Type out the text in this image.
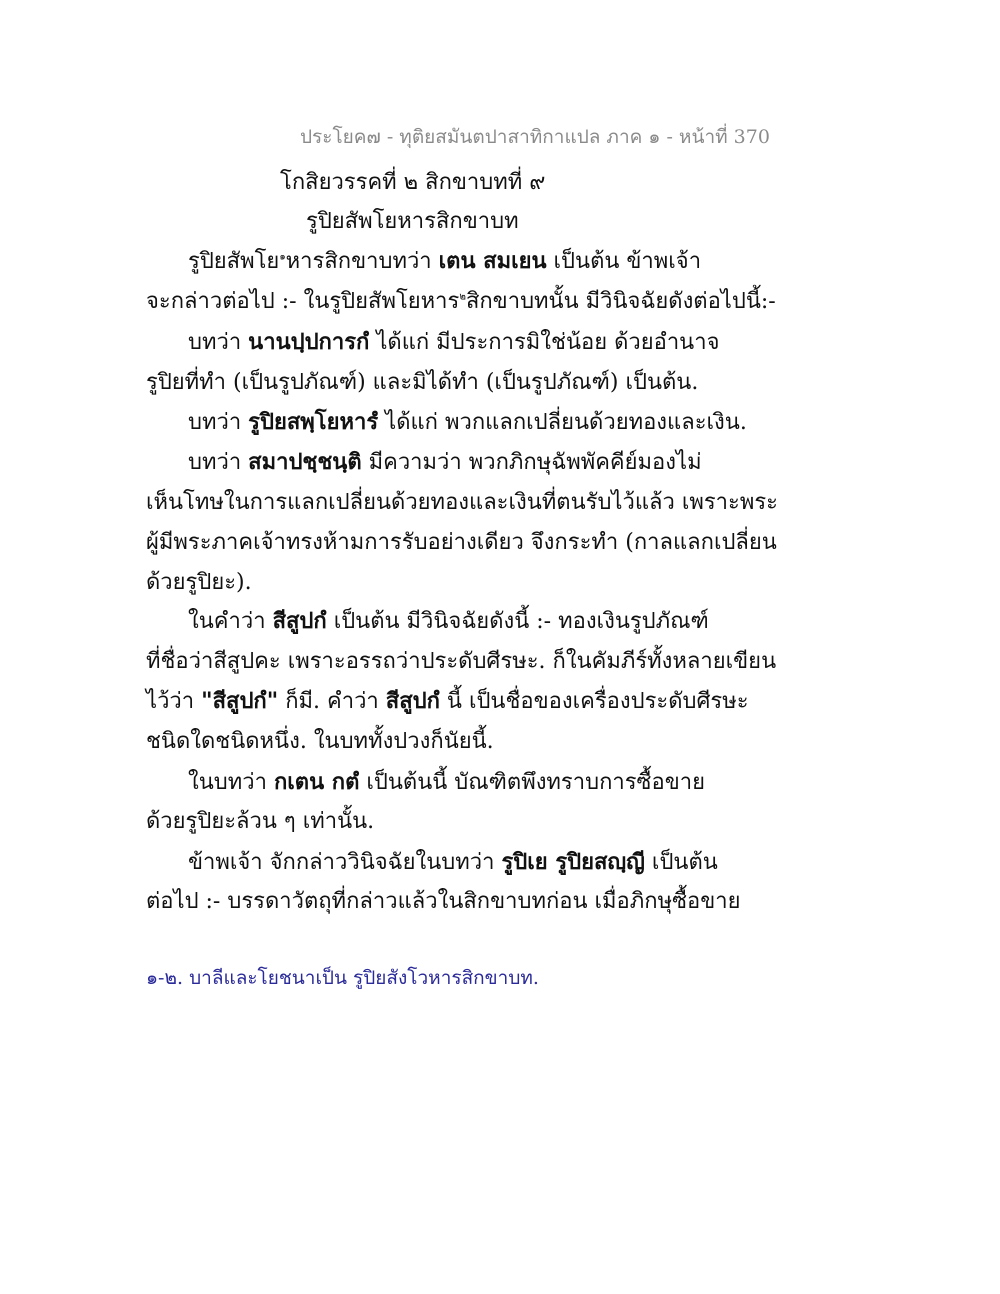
ประโยค๗ - ทุติยสมันตปาสาทิกาแปล ภาค ๑ - หน้าที่ 370
โกสิยวรรคที่ ๒ สิกขาบทที่ ๙
รูปิยสัพโยหารสิกขาบท
รูปิยสัพโย$^๑$หารสิกขาบทว่า เตน สมเยน เป็นต้น ข้าพเจ้า
จะกล่าวต่อไป :- ในรูปิยสัพโยหาร$^๒$สิกขาบทนั้น มีวินิจฉัยดังต่อไปนี้:-
บทว่า นานปฺปการกํ ได้แก่ มีประการมิใช่น้อย ด้วยอำนาจ
รูปิยที่ทำ (เป็นรูปภัณฑ์) และมิได้ทำ (เป็นรูปภัณฑ์) เป็นต้น.
บทว่า รูปิยสพฺโยหารํ ได้แก่ พวกแลกเปลี่ยนด้วยทองและเงิน.
บทว่า สมาปชฺชนฺติ มีความว่า พวกภิกษุฉัพพัคคีย์มองไม่
เห็นโทษในการแลกเปลี่ยนด้วยทองและเงินที่ตนรับไว้แล้ว เพราะพระ
ผู้มีพระภาคเจ้าทรงห้ามการรับอย่างเดียว จึงกระทำ (กาลแลกเปลี่ยน
ด้วยรูปิยะ).
ในคำว่า สีสูปกํ เป็นต้น มีวินิจฉัยดังนี้ :- ทองเงินรูปภัณฑ์
ที่ชื่อว่าสีสูปคะ เพราะอรรถว่าประดับศีรษะ. ก็ในคัมภีร์ทั้งหลายเขียน
ไว้ว่า "สีสูปกํ" ก็มี. คำว่า สีสูปกํ นี้ เป็นชื่อของเครื่องประดับศีรษะ
ชนิดใดชนิดหนึ่ง. ในบททั้งปวงก็นัยนี้.
ในบทว่า กเตน กตํ เป็นต้นนี้ บัณฑิตพึงทราบการซื้อขาย
ด้วยรูปิยะล้วน ๆ เท่านั้น.
ข้าพเจ้า จักกล่าววินิจฉัยในบทว่า รูปิเย รูปิยสญฺญี เป็นต้น
ต่อไป :- บรรดาวัตถุที่กล่าวแล้วในสิกขาบทก่อน เมื่อภิกษุซื้อขาย
๑-๒. บาลีและโยชนาเป็น รูปิยสังโวหารสิกขาบท.
